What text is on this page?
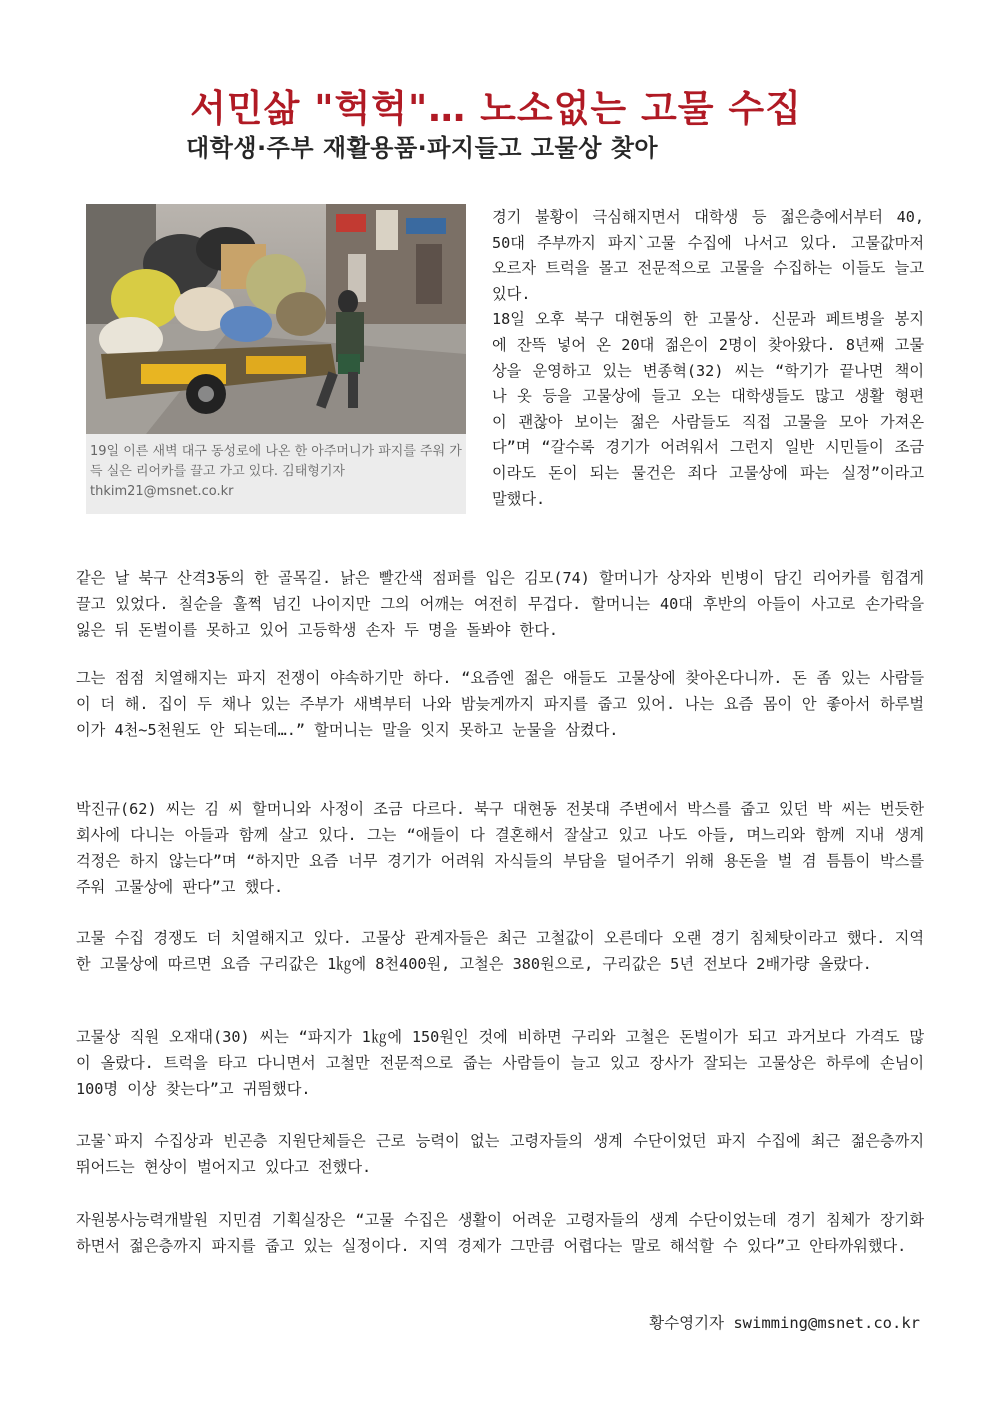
서민삶 "헉헉"… 노소없는 고물 수집
대학생·주부 재활용품·파지들고 고물상 찾아
19일 이른 새벽 대구 동성로에 나온 한 아주머니가 파지를 주워 가득 실은 리어카를 끌고 가고 있다. 김태형기자 thkim21@msnet.co.kr

경기 불황이 극심해지면서 대학생 등 젊은층에서부터 40, 50대 주부까지 파지`고물 수집에 나서고 있다. 고물값마저 오르자 트럭을 몰고 전문적으로 고물을 수집하는 이들도 늘고 있다.

18일 오후 북구 대현동의 한 고물상. 신문과 페트병을 봉지에 잔뜩 넣어 온 20대 젊은이 2명이 찾아왔다. 8년째 고물상을 운영하고 있는 변종혁(32) 씨는 “학기가 끝나면 책이나 옷 등을 고물상에 들고 오는 대학생들도 많고 생활 형편이 괜찮아 보이는 젊은 사람들도 직접 고물을 모아 가져온다”며 “갈수록 경기가 어려워서 그런지 일반 시민들이 조금이라도 돈이 되는 물건은 죄다 고물상에 파는 실정”이라고 말했다.

같은 날 북구 산격3동의 한 골목길. 낡은 빨간색 점퍼를 입은 김모(74) 할머니가 상자와 빈병이 담긴 리어카를 힘겹게 끌고 있었다. 칠순을 훌쩍 넘긴 나이지만 그의 어깨는 여전히 무겁다. 할머니는 40대 후반의 아들이 사고로 손가락을 잃은 뒤 돈벌이를 못하고 있어 고등학생 손자 두 명을 돌봐야 한다.

그는 점점 치열해지는 파지 전쟁이 야속하기만 하다. “요즘엔 젊은 애들도 고물상에 찾아온다니까. 돈 좀 있는 사람들이 더 해. 집이 두 채나 있는 주부가 새벽부터 나와 밤늦게까지 파지를 줍고 있어. 나는 요즘 몸이 안 좋아서 하루벌이가 4천~5천원도 안 되는데….” 할머니는 말을 잇지 못하고 눈물을 삼켰다.

박진규(62) 씨는 김 씨 할머니와 사정이 조금 다르다. 북구 대현동 전봇대 주변에서 박스를 줍고 있던 박 씨는 번듯한 회사에 다니는 아들과 함께 살고 있다. 그는 “애들이 다 결혼해서 잘살고 있고 나도 아들, 며느리와 함께 지내 생계 걱정은 하지 않는다”며 “하지만 요즘 너무 경기가 어려워 자식들의 부담을 덜어주기 위해 용돈을 벌 겸 틈틈이 박스를 주워 고물상에 판다”고 했다.

고물 수집 경쟁도 더 치열해지고 있다. 고물상 관계자들은 최근 고철값이 오른데다 오랜 경기 침체탓이라고 했다. 지역 한 고물상에 따르면 요즘 구리값은 1㎏에 8천400원, 고철은 380원으로, 구리값은 5년 전보다 2배가량 올랐다.

고물상 직원 오재대(30) 씨는 “파지가 1㎏에 150원인 것에 비하면 구리와 고철은 돈벌이가 되고 과거보다 가격도 많이 올랐다. 트럭을 타고 다니면서 고철만 전문적으로 줍는 사람들이 늘고 있고 장사가 잘되는 고물상은 하루에 손님이 100명 이상 찾는다”고 귀띔했다.

고물`파지 수집상과 빈곤층 지원단체들은 근로 능력이 없는 고령자들의 생계 수단이었던 파지 수집에 최근 젊은층까지 뛰어드는 현상이 벌어지고 있다고 전했다.

자원봉사능력개발원 지민겸 기획실장은 “고물 수집은 생활이 어려운 고령자들의 생계 수단이었는데 경기 침체가 장기화하면서 젊은층까지 파지를 줍고 있는 실정이다. 지역 경제가 그만큼 어렵다는 말로 해석할 수 있다”고 안타까워했다.

황수영기자 swimming@msnet.co.kr
